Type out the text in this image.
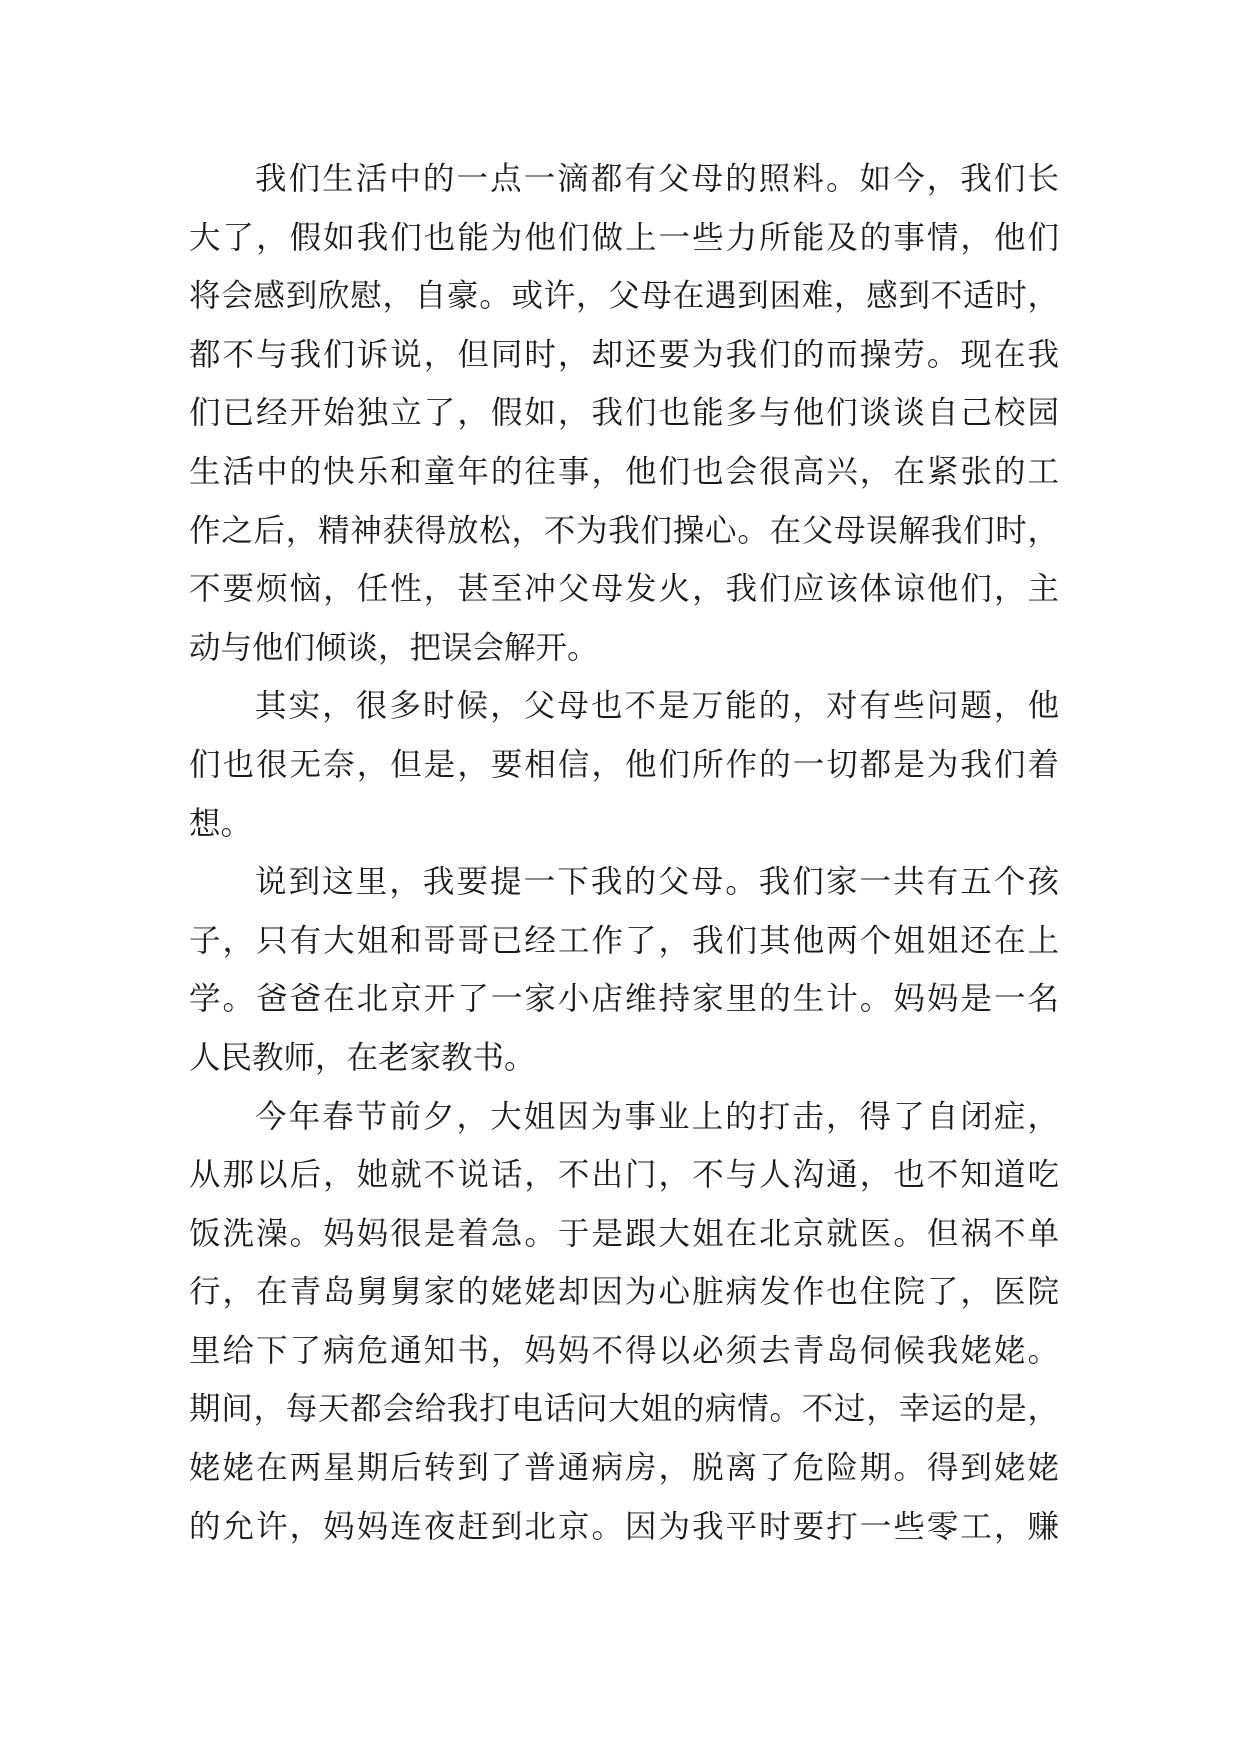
我们生活中的一点一滴都有父母的照料。如今，我们长
大了，假如我们也能为他们做上一些力所能及的事情，他们
将会感到欣慰，自豪。或许，父母在遇到困难，感到不适时，
都不与我们诉说，但同时，却还要为我们的而操劳。现在我
们已经开始独立了，假如，我们也能多与他们谈谈自己校园
生活中的快乐和童年的往事，他们也会很高兴，在紧张的工
作之后，精神获得放松，不为我们操心。在父母误解我们时，
不要烦恼，任性，甚至冲父母发火，我们应该体谅他们，主
动与他们倾谈，把误会解开。
其实，很多时候，父母也不是万能的，对有些问题，他
们也很无奈，但是，要相信，他们所作的一切都是为我们着
想。
说到这里，我要提一下我的父母。我们家一共有五个孩
子，只有大姐和哥哥已经工作了，我们其他两个姐姐还在上
学。爸爸在北京开了一家小店维持家里的生计。妈妈是一名
人民教师，在老家教书。
今年春节前夕，大姐因为事业上的打击，得了自闭症，
从那以后，她就不说话，不出门，不与人沟通，也不知道吃
饭洗澡。妈妈很是着急。于是跟大姐在北京就医。但祸不单
行，在青岛舅舅家的姥姥却因为心脏病发作也住院了，医院
里给下了病危通知书，妈妈不得以必须去青岛伺候我姥姥。
期间，每天都会给我打电话问大姐的病情。不过，幸运的是，
姥姥在两星期后转到了普通病房，脱离了危险期。得到姥姥
的允许，妈妈连夜赶到北京。因为我平时要打一些零工，赚
